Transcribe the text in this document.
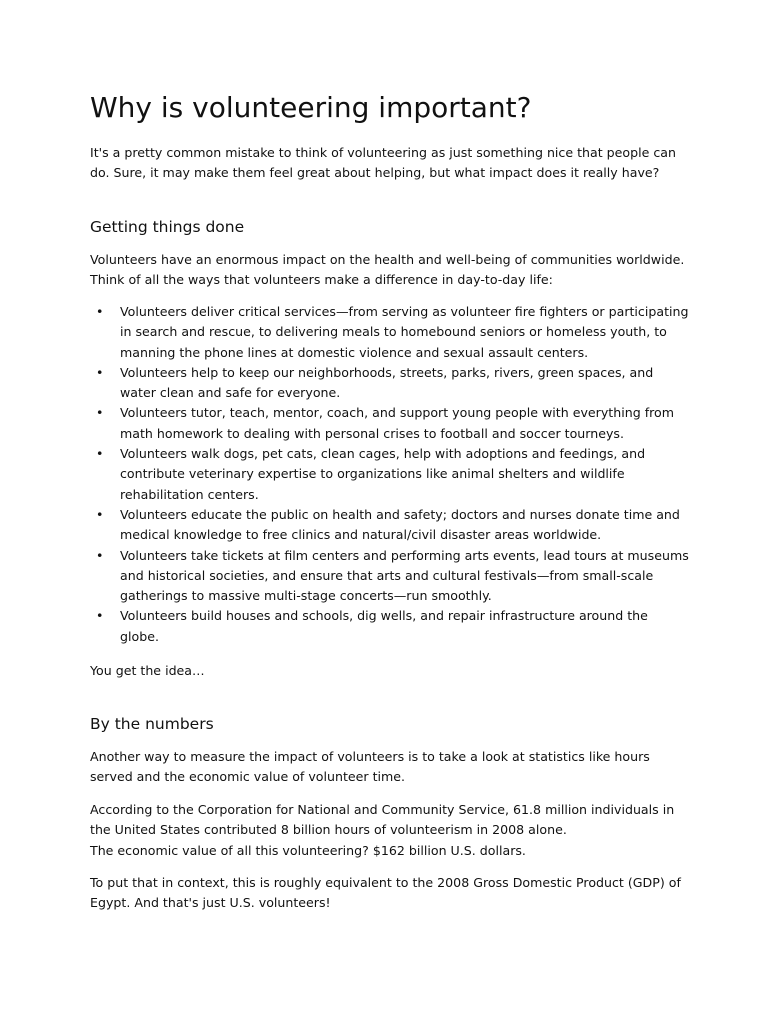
Why is volunteering important?

It's a pretty common mistake to think of volunteering as just something nice that people can do. Sure, it may make them feel great about helping, but what impact does it really have?

Getting things done

Volunteers have an enormous impact on the health and well-being of communities worldwide. Think of all the ways that volunteers make a difference in day-to-day life:

• Volunteers deliver critical services—from serving as volunteer fire fighters or participating in search and rescue, to delivering meals to homebound seniors or homeless youth, to manning the phone lines at domestic violence and sexual assault centers.
• Volunteers help to keep our neighborhoods, streets, parks, rivers, green spaces, and water clean and safe for everyone.
• Volunteers tutor, teach, mentor, coach, and support young people with everything from math homework to dealing with personal crises to football and soccer tourneys.
• Volunteers walk dogs, pet cats, clean cages, help with adoptions and feedings, and contribute veterinary expertise to organizations like animal shelters and wildlife rehabilitation centers.
• Volunteers educate the public on health and safety; doctors and nurses donate time and medical knowledge to free clinics and natural/civil disaster areas worldwide.
• Volunteers take tickets at film centers and performing arts events, lead tours at museums and historical societies, and ensure that arts and cultural festivals—from small-scale gatherings to massive multi-stage concerts—run smoothly.
• Volunteers build houses and schools, dig wells, and repair infrastructure around the globe.

You get the idea…

By the numbers

Another way to measure the impact of volunteers is to take a look at statistics like hours served and the economic value of volunteer time.

According to the Corporation for National and Community Service, 61.8 million individuals in the United States contributed 8 billion hours of volunteerism in 2008 alone.
The economic value of all this volunteering? $162 billion U.S. dollars.

To put that in context, this is roughly equivalent to the 2008 Gross Domestic Product (GDP) of Egypt. And that's just U.S. volunteers!
